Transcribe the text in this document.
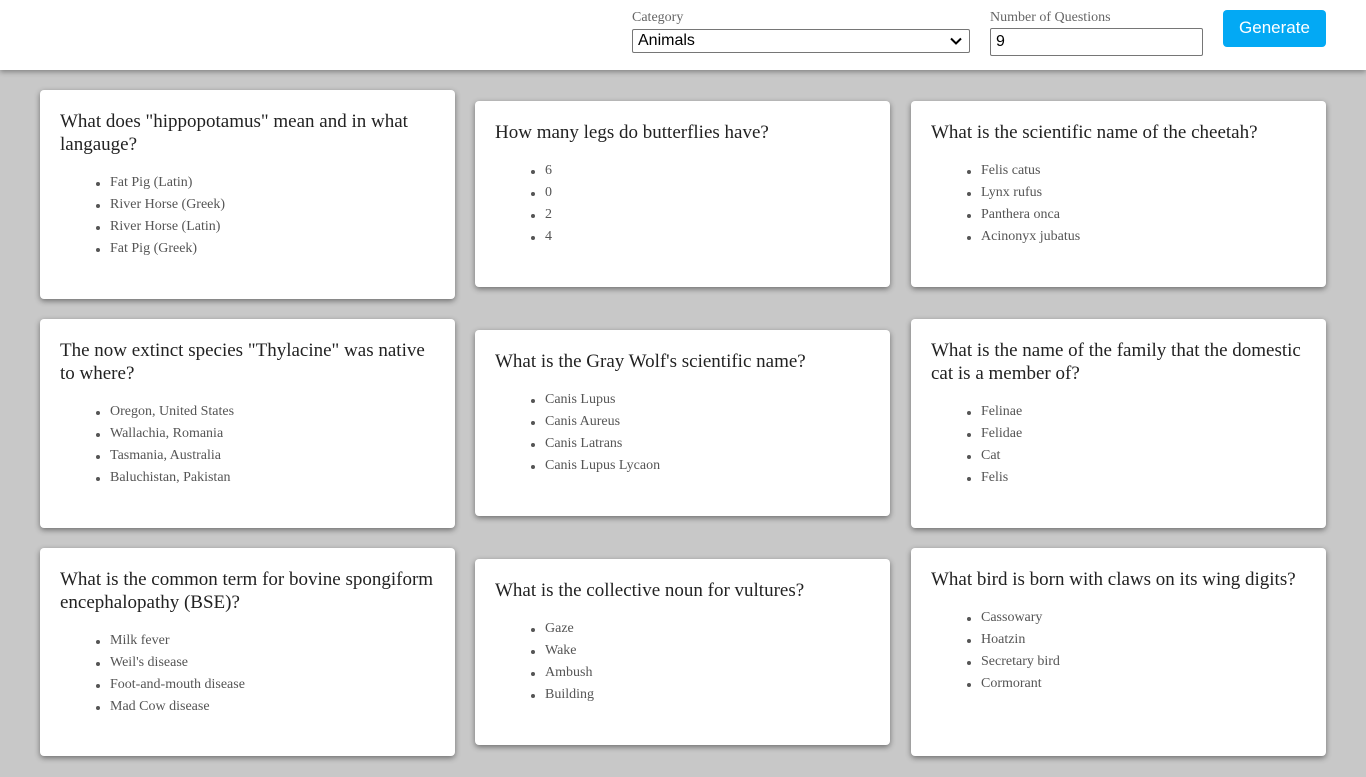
Category
Animals
Number of Questions
9
Generate

What does "hippopotamus" mean and in what langauge?

Fat Pig (Latin)
River Horse (Greek)
River Horse (Latin)
Fat Pig (Greek)

How many legs do butterflies have?

6
0
2
4

What is the scientific name of the cheetah?

Felis catus
Lynx rufus
Panthera onca
Acinonyx jubatus

The now extinct species "Thylacine" was native to where?

Oregon, United States
Wallachia, Romania
Tasmania, Australia
Baluchistan, Pakistan

What is the Gray Wolf's scientific name?

Canis Lupus
Canis Aureus
Canis Latrans
Canis Lupus Lycaon

What is the name of the family that the domestic cat is a member of?

Felinae
Felidae
Cat
Felis

What is the common term for bovine spongiform encephalopathy (BSE)?

Milk fever
Weil's disease
Foot-and-mouth disease
Mad Cow disease

What is the collective noun for vultures?

Gaze
Wake
Ambush
Building

What bird is born with claws on its wing digits?

Cassowary
Hoatzin
Secretary bird
Cormorant
